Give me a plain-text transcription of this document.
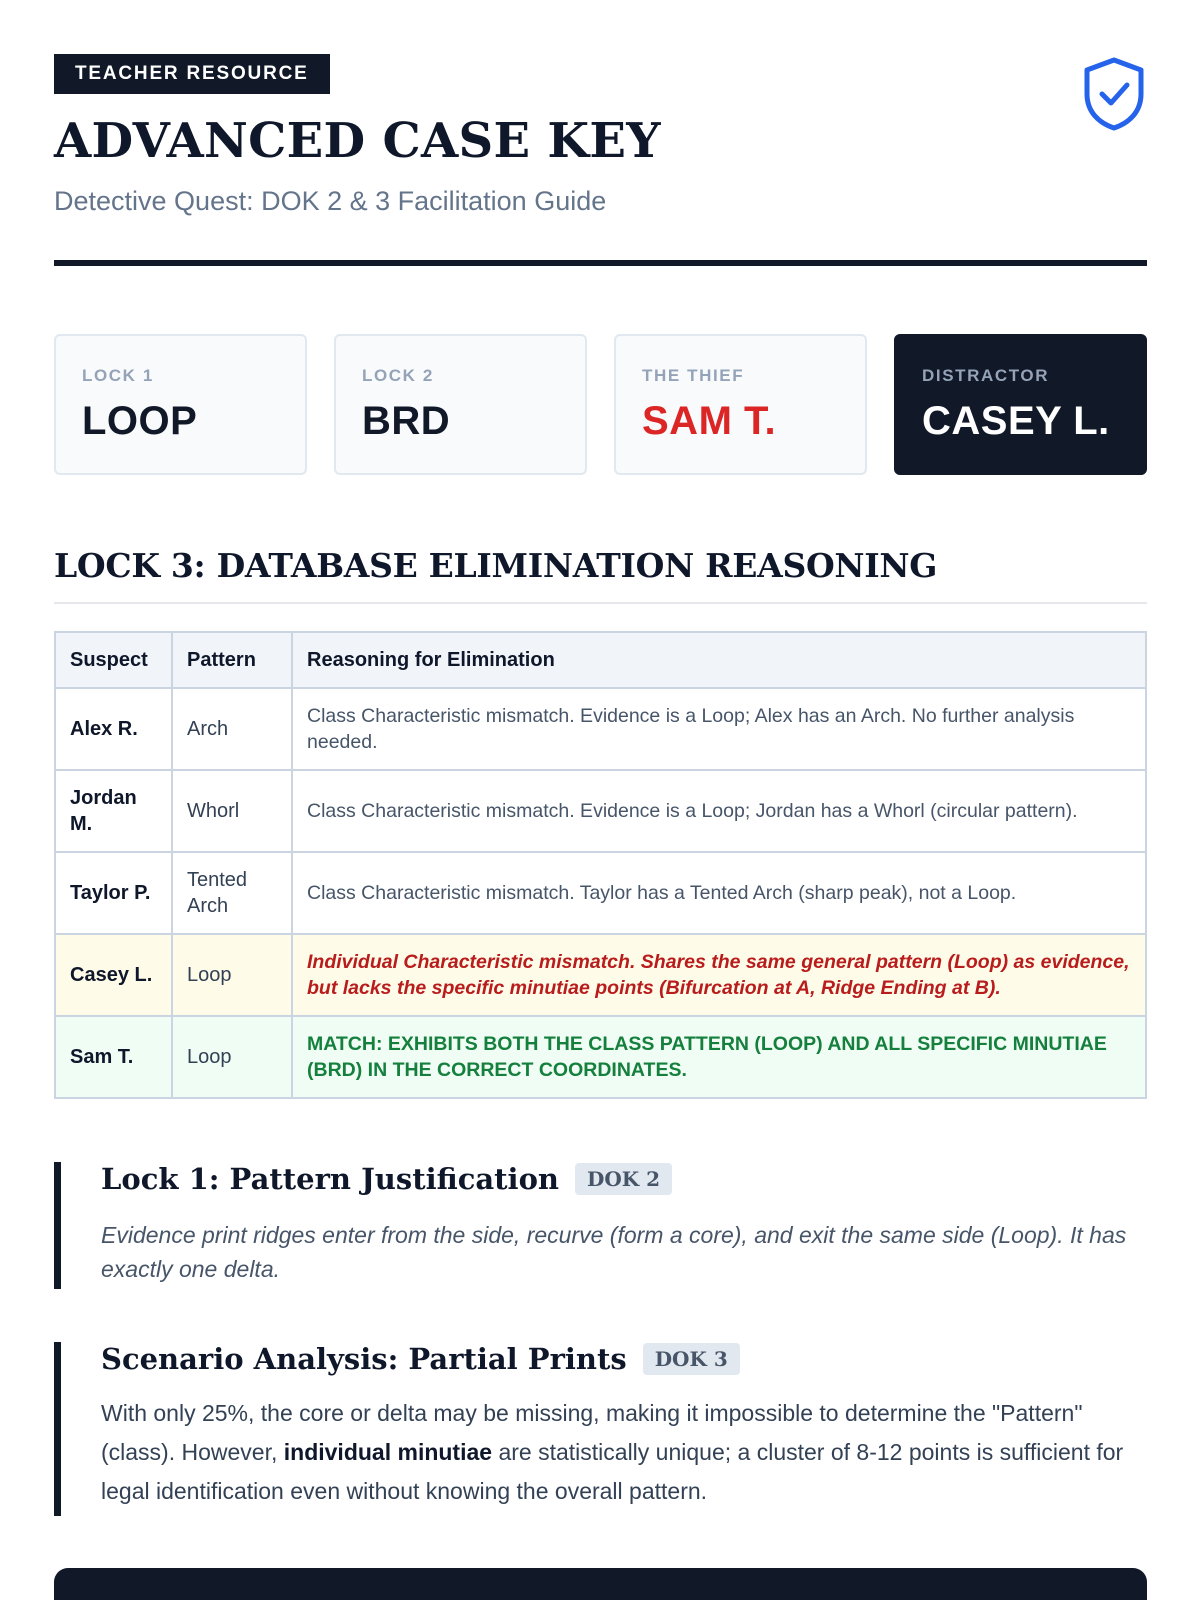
TEACHER RESOURCE
ADVANCED CASE KEY
Detective Quest: DOK 2 & 3 Facilitation Guide
LOCK 1
LOOP
LOCK 2
BRD
THE THIEF
SAM T.
DISTRACTOR
CASEY L.
LOCK 3: DATABASE ELIMINATION REASONING
Suspect	Pattern	Reasoning for Elimination
Alex R.	Arch	Class Characteristic mismatch. Evidence is a Loop; Alex has an Arch. No further analysis needed.
Jordan M.	Whorl	Class Characteristic mismatch. Evidence is a Loop; Jordan has a Whorl (circular pattern).
Taylor P.	Tented Arch	Class Characteristic mismatch. Taylor has a Tented Arch (sharp peak), not a Loop.
Casey L.	Loop	Individual Characteristic mismatch. Shares the same general pattern (Loop) as evidence, but lacks the specific minutiae points (Bifurcation at A, Ridge Ending at B).
Sam T.	Loop	MATCH: EXHIBITS BOTH THE CLASS PATTERN (LOOP) AND ALL SPECIFIC MINUTIAE (BRD) IN THE CORRECT COORDINATES.
Lock 1: Pattern Justification	DOK 2

Evidence print ridges enter from the side, recurve (form a core), and exit the same side (Loop). It has exactly one delta.

Scenario Analysis: Partial Prints	DOK 3

With only 25%, the core or delta may be missing, making it impossible to determine the "Pattern" (class). However, individual minutiae are statistically unique; a cluster of 8-12 points is sufficient for legal identification even without knowing the overall pattern.
